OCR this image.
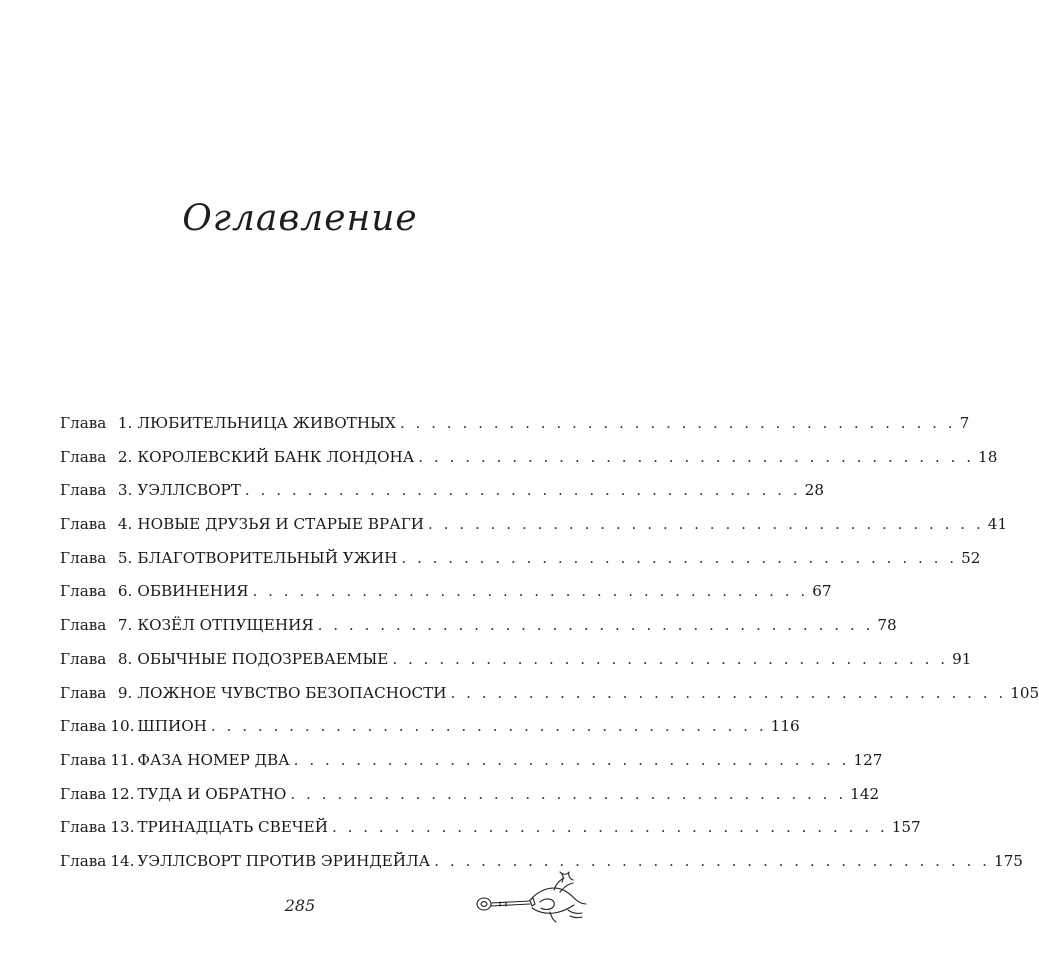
Оглавление
Глава 1. ЛЮБИТЕЛЬНИЦА ЖИВОТНЫХ . . . . . . . . . . . . . . . . . . . . . . . . . . . . . . . . . . . . 7
Глава 2. КОРОЛЕВСКИЙ БАНК ЛОНДОНА . . . . . . . . . . . . . . . . . . . . . . . . . . . . . . . . . . . . 18
Глава 3. УЭЛЛСВОРТ . . . . . . . . . . . . . . . . . . . . . . . . . . . . . . . . . . . . 28
Глава 4. НОВЫЕ ДРУЗЬЯ И СТАРЫЕ ВРАГИ . . . . . . . . . . . . . . . . . . . . . . . . . . . . . . . . . . . . 41
Глава 5. БЛАГОТВОРИТЕЛЬНЫЙ УЖИН . . . . . . . . . . . . . . . . . . . . . . . . . . . . . . . . . . . . 52
Глава 6. ОБВИНЕНИЯ . . . . . . . . . . . . . . . . . . . . . . . . . . . . . . . . . . . . 67
Глава 7. КОЗЁЛ ОТПУЩЕНИЯ . . . . . . . . . . . . . . . . . . . . . . . . . . . . . . . . . . . . 78
Глава 8. ОБЫЧНЫЕ ПОДОЗРЕВАЕМЫЕ . . . . . . . . . . . . . . . . . . . . . . . . . . . . . . . . . . . . 91
Глава 9. ЛОЖНОЕ ЧУВСТВО БЕЗОПАСНОСТИ . . . . . . . . . . . . . . . . . . . . . . . . . . . . . . . . . . . . 105
Глава 10. ШПИОН . . . . . . . . . . . . . . . . . . . . . . . . . . . . . . . . . . . . 116
Глава 11. ФАЗА НОМЕР ДВА . . . . . . . . . . . . . . . . . . . . . . . . . . . . . . . . . . . . 127
Глава 12. ТУДА И ОБРАТНО . . . . . . . . . . . . . . . . . . . . . . . . . . . . . . . . . . . . 142
Глава 13. ТРИНАДЦАТЬ СВЕЧЕЙ . . . . . . . . . . . . . . . . . . . . . . . . . . . . . . . . . . . . 157
Глава 14. УЭЛЛСВОРТ ПРОТИВ ЭРИНДЕЙЛА . . . . . . . . . . . . . . . . . . . . . . . . . . . . . . . . . . . . 175
285
